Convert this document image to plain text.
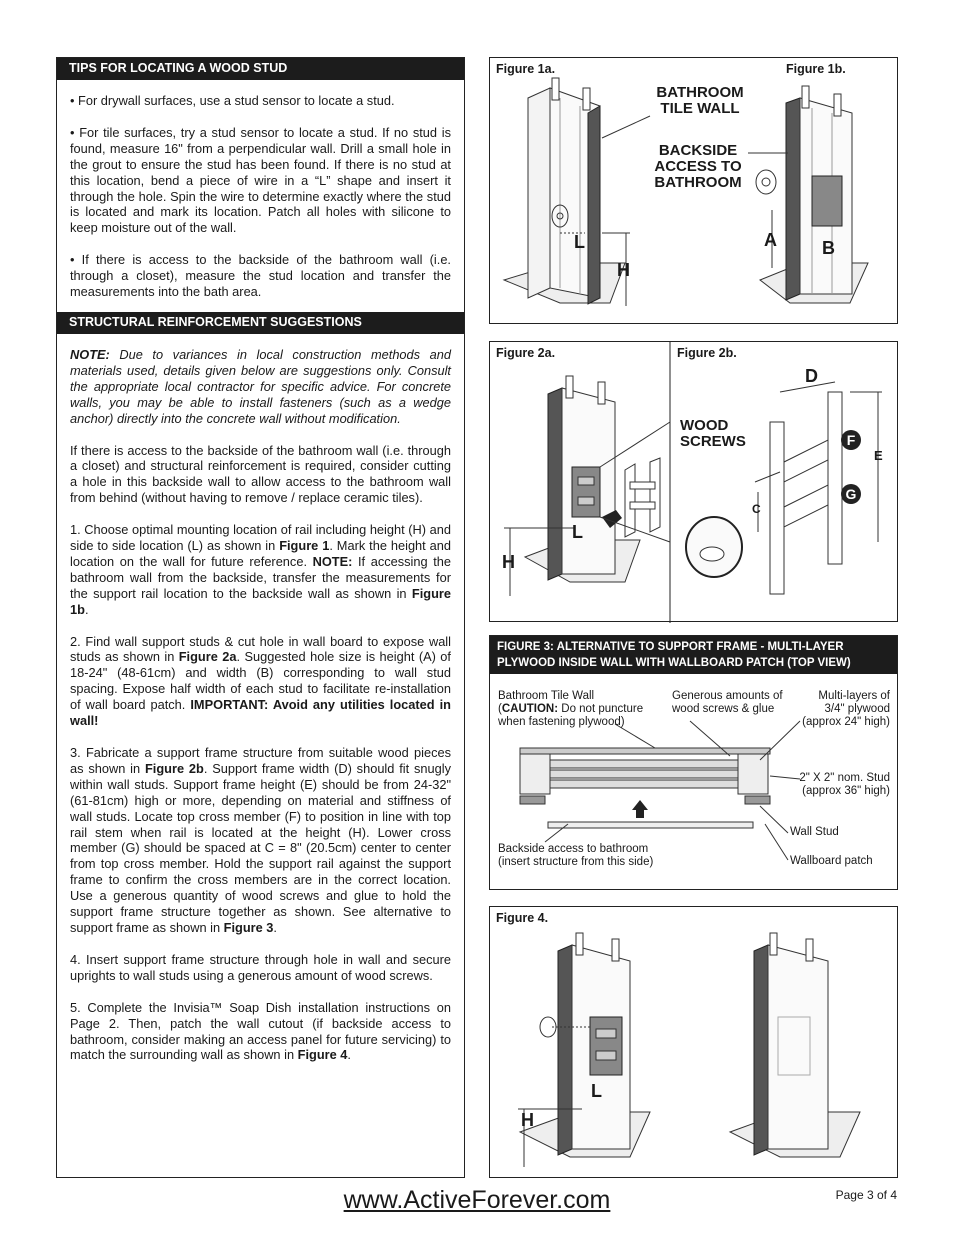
TIPS FOR LOCATING A WOOD STUD

• For drywall surfaces, use a stud sensor to locate a stud.

• For tile surfaces, try a stud sensor to locate a stud. If no stud is found, measure 16" from a perpendicular wall. Drill a small hole in the grout to ensure the stud has been found. If there is no stud at this location, bend a piece of wire in a “L” shape and insert it through the hole. Spin the wire to determine exactly where the stud is located and mark its location. Patch all holes with silicone to keep moisture out of the wall.

• If there is access to the backside of the bathroom wall (i.e. through a closet), measure the stud location and transfer the measurements into the bath area.

STRUCTURAL REINFORCEMENT SUGGESTIONS

NOTE: Due to variances in local construction methods and materials used, details given below are suggestions only. Consult the appropriate local contractor for specific advice. For concrete walls, you may be able to install fasteners (such as a wedge anchor) directly into the concrete wall without modification.

If there is access to the backside of the bathroom wall (i.e. through a closet) and structural reinforcement is required, consider cutting a hole in this backside wall to allow access to the bathroom wall from behind (without having to remove / replace ceramic tiles).

1. Choose optimal mounting location of rail including height (H) and side to side location (L) as shown in Figure 1. Mark the height and location on the wall for future reference. NOTE: If accessing the bathroom wall from the backside, transfer the measurements for the support rail location to the backside wall as shown in Figure 1b.

2. Find wall support studs & cut hole in wall board to expose wall studs as shown in Figure 2a. Suggested hole size is height (A) of 18-24" (48-61cm) and width (B) corresponding to wall stud spacing. Expose half width of each stud to facilitate re-installation of wall board patch. IMPORTANT: Avoid any utilities located in wall!

3. Fabricate a support frame structure from suitable wood pieces as shown in Figure 2b. Support frame width (D) should fit snugly within wall studs. Support frame height (E) should be from 24-32" (61-81cm) high or more, depending on material and stiffness of wall studs. Locate top cross member (F) to position in line with top rail stem when rail is located at the height (H). Lower cross member (G) should be spaced at C = 8" (20.5cm) center to center from top cross member. Hold the support rail against the support frame to confirm the cross members are in the correct location. Use a generous quantity of wood screws and glue to hold the support frame structure together as shown. See alternative to support frame as shown in Figure 3.

4. Insert support frame structure through hole in wall and secure uprights to wall studs using a generous amount of wood screws.

5. Complete the Invisia™ Soap Dish installation instructions on Page 2. Then, patch the wall cutout (if backside access to bathroom, consider making an access panel for future servicing) to match the surrounding wall as shown in Figure 4.

Figure 1a.	Figure 1b.
BATHROOM
TILE WALL
BACKSIDE
ACCESS TO
BATHROOM
L
H
A	B
Figure 2a.	Figure 2b.
WOOD
SCREWS
L
H
C
D
E
F
G
FIGURE 3: ALTERNATIVE TO SUPPORT FRAME - MULTI-LAYER
PLYWOOD INSIDE WALL WITH WALLBOARD PATCH (TOP VIEW)
Bathroom Tile Wall
(CAUTION: Do not puncture
when fastening plywood)
Generous amounts of
wood screws & glue
Multi-layers of
3/4" plywood
(approx 24" high)
2" X 2" nom. Stud
(approx 36" high)
Wall Stud
Backside access to bathroom
(insert structure from this side)	Wallboard patch
Figure 4.
L
H
www.ActiveForever.com	Page 3 of 4
